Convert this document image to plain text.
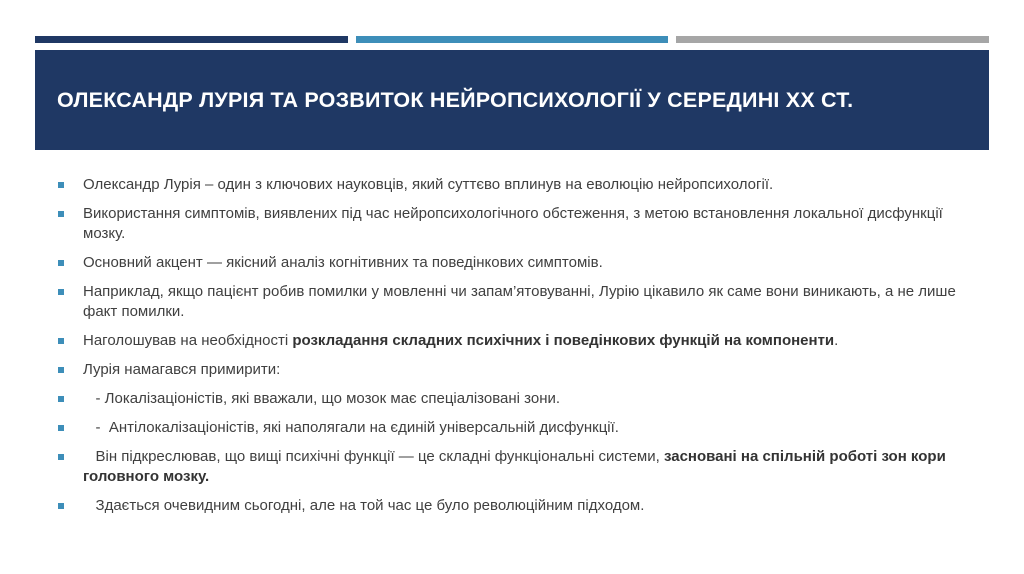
ОЛЕКСАНДР ЛУРІЯ ТА РОЗВИТОК НЕЙРОПСИХОЛОГІЇ У СЕРЕДИНІ ХХ СТ.
Олександр Лурія – один з ключових науковців, який суттєво вплинув на еволюцію нейропсихології.
Використання симптомів, виявлених під час нейропсихологічного обстеження, з метою встановлення локальної дисфункції мозку.
Основний акцент — якісний аналіз когнітивних та поведінкових симптомів.
Наприклад, якщо пацієнт робив помилки у мовленні чи запам’ятовуванні, Лурію цікавило як саме вони виникають, а не лише факт помилки.
Наголошував на необхідності розкладання складних психічних і поведінкових функцій на компоненти.
Лурія намагався примирити:
- Локалізаціоністів, які вважали, що мозок має спеціалізовані зони.
-  Антілокалізаціоністів, які наполягали на єдиній універсальній дисфункції.
Він підкреслював, що вищі психічні функції — це складні функціональні системи, засновані на спільній роботі зон кори головного мозку.
Здається очевидним сьогодні, але на той час це було революційним підходом.
